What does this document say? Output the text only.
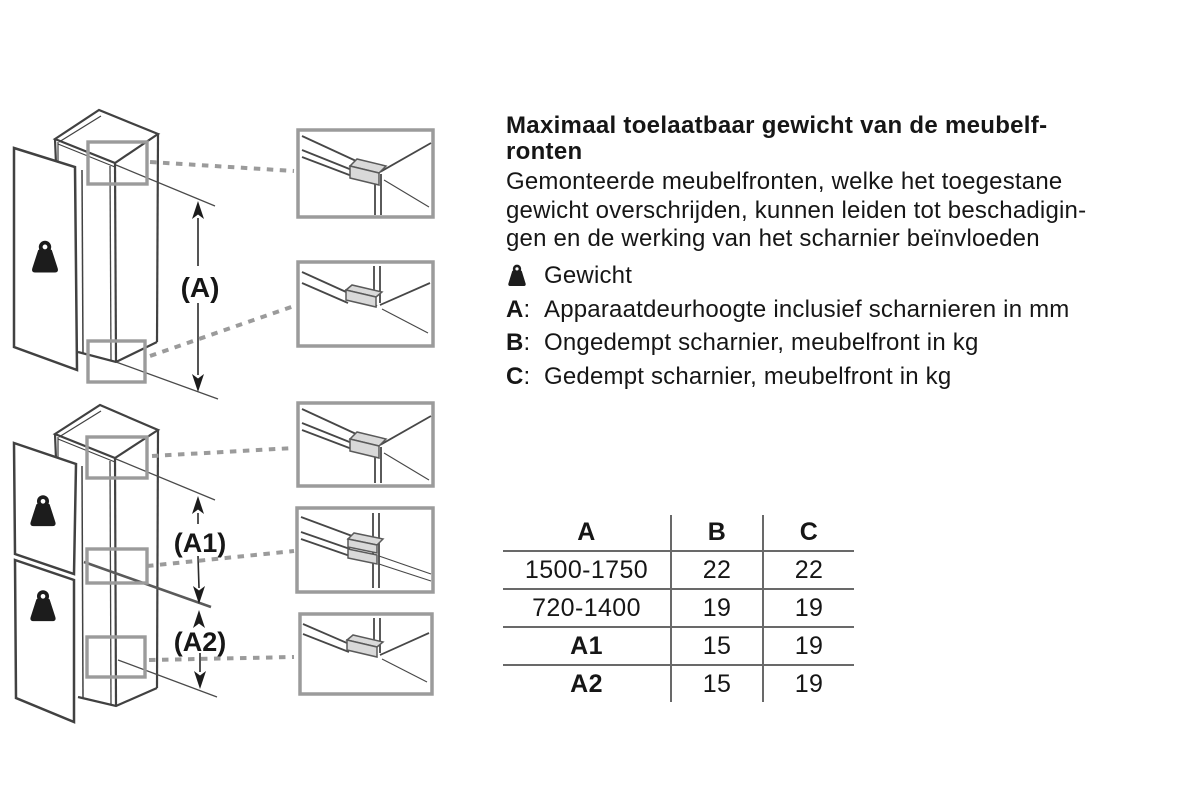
(A)
(A1)
(A2)
Maximaal toelaatbaar gewicht van de meubelf-
ronten
Gemonteerde meubelfronten, welke het toegestane
gewicht overschrijden, kunnen leiden tot beschadigin-
gen en de werking van het scharnier beïnvloeden
Gewicht
A: Apparaatdeurhoogte inclusief scharnieren in mm
B: Ongedempt scharnier, meubelfront in kg
C: Gedempt scharnier, meubelfront in kg
A	B	C
1500-1750	22	22
720-1400	19	19
A1	15	19
A2	15	19
